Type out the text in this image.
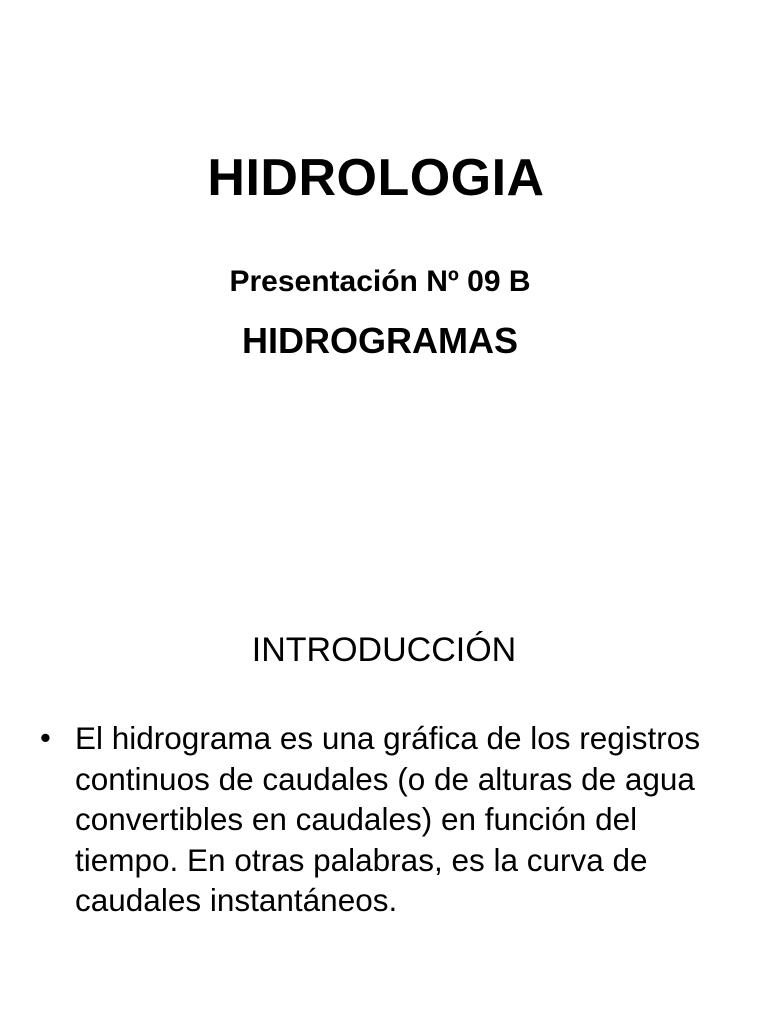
HIDROLOGIA
Presentación Nº 09 B
HIDROGRAMAS
INTRODUCCIÓN
• El hidrograma es una gráfica de los registros continuos de caudales (o de alturas de agua convertibles en caudales) en función del tiempo. En otras palabras, es la curva de caudales instantáneos.
